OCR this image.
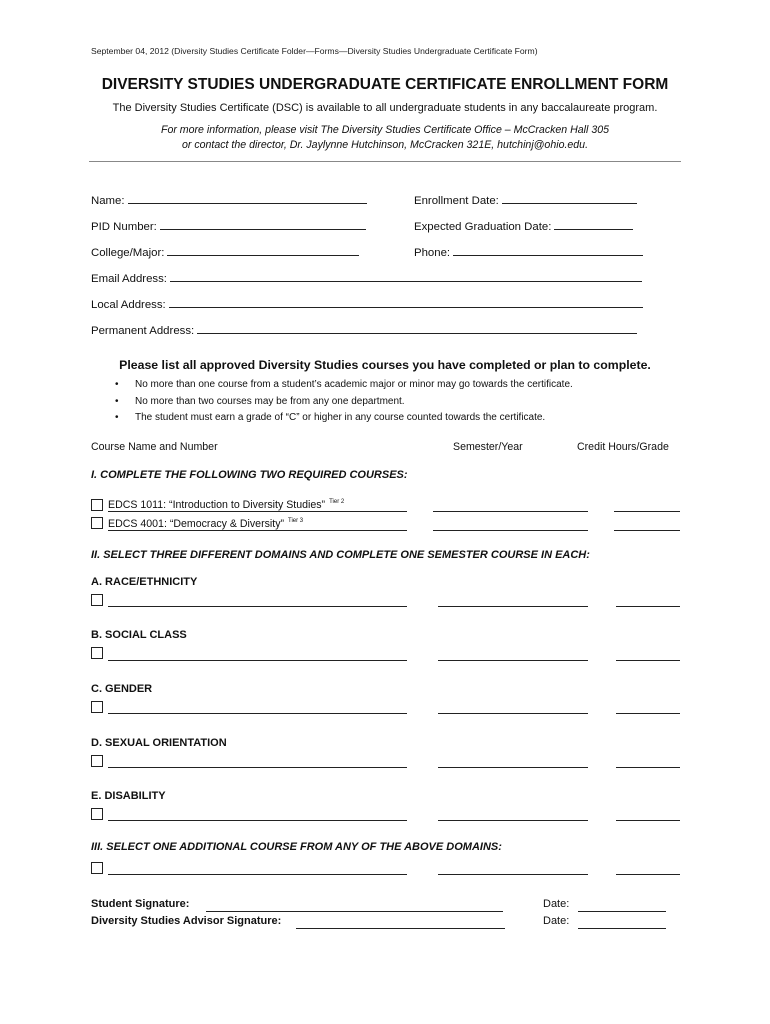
September 04, 2012 (Diversity Studies Certificate Folder—Forms—Diversity Studies Undergraduate Certificate Form)
DIVERSITY STUDIES UNDERGRADUATE CERTIFICATE ENROLLMENT FORM
The Diversity Studies Certificate (DSC) is available to all undergraduate students in any baccalaureate program.
For more information, please visit The Diversity Studies Certificate Office – McCracken Hall 305
or contact the director, Dr. Jaylynne Hutchinson, McCracken 321E, hutchinj@ohio.edu.
Name:	Enrollment Date:
PID Number:	Expected Graduation Date:
College/Major:	Phone:
Email Address:
Local Address:
Permanent Address:
Please list all approved Diversity Studies courses you have completed or plan to complete.
• No more than one course from a student’s academic major or minor may go towards the certificate.
• No more than two courses may be from any one department.
• The student must earn a grade of “C” or higher in any course counted towards the certificate.
Course Name and Number	Semester/Year	Credit Hours/Grade
I. COMPLETE THE FOLLOWING TWO REQUIRED COURSES:
EDCS 1011: “Introduction to Diversity Studies” $^{Tier 2}$
EDCS 4001: “Democracy & Diversity” $^{Tier 3}$
II. SELECT THREE DIFFERENT DOMAINS AND COMPLETE ONE SEMESTER COURSE IN EACH:
A. RACE/ETHNICITY
B. SOCIAL CLASS
C. GENDER
D. SEXUAL ORIENTATION
E. DISABILITY
III. SELECT ONE ADDITIONAL COURSE FROM ANY OF THE ABOVE DOMAINS:
Student Signature:	Date:
Diversity Studies Advisor Signature:	Date:
